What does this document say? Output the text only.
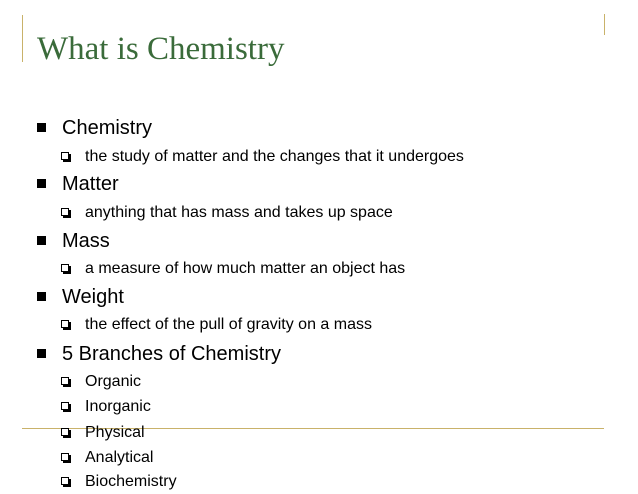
What is Chemistry
Chemistry
the study of matter and the changes that it undergoes
Matter
anything that has mass and takes up space
Mass
a measure of how much matter an object has
Weight
the effect of the pull of gravity on a mass
5 Branches of Chemistry
Organic
Inorganic
Physical
Analytical
Biochemistry
